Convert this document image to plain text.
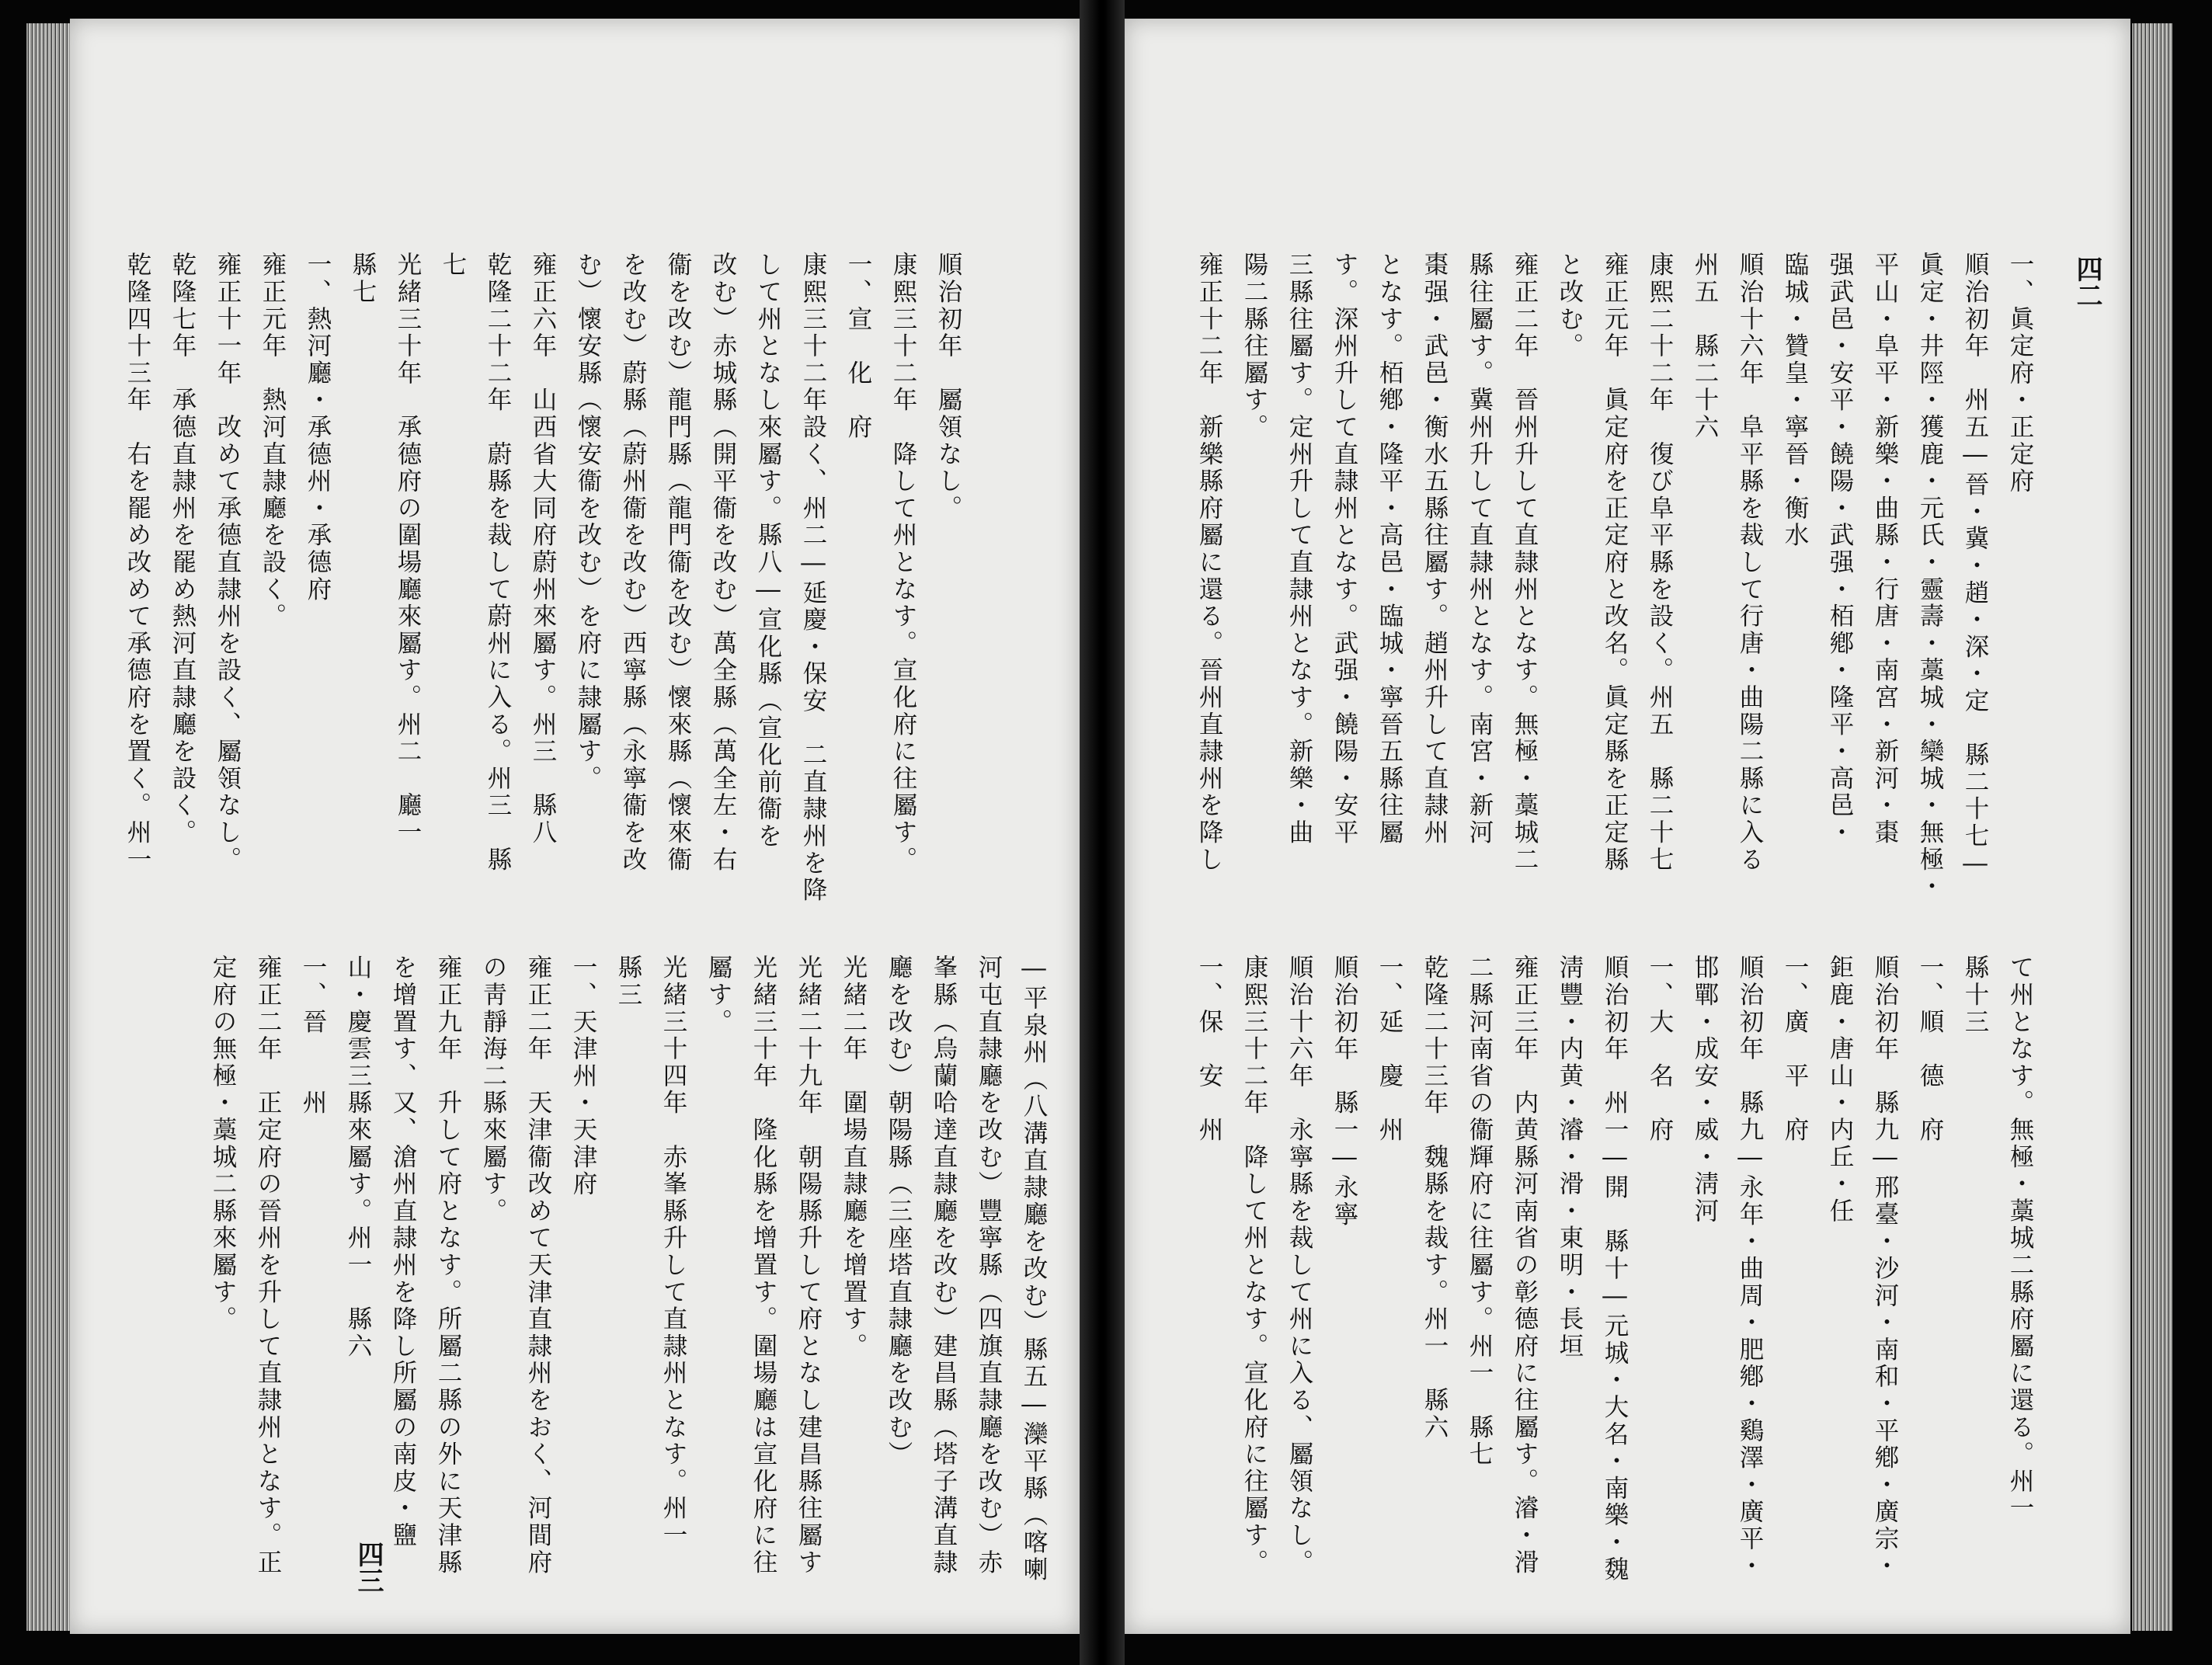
順治初年　屬領なし。
康熙三十二年　降して州となす。宣化府に往屬す。
一、宣　化　府
康熙三十二年設く、州二―延慶・保安　二直隷州を降
して州となし來屬す。縣八―宣化縣（宣化前衞を
改む）赤城縣（開平衞を改む）萬全縣（萬全左・右
衞を改む）龍門縣（龍門衞を改む）懷來縣（懷來衞
を改む）蔚縣（蔚州衞を改む）西寧縣（永寧衞を改
む）懷安縣（懷安衞を改む）を府に隷屬す。
雍正六年　山西省大同府蔚州來屬す。州三　縣八
乾隆二十二年　蔚縣を裁して蔚州に入る。州三　縣
七
光緒三十年　承德府の圍場廳來屬す。州二　廳一
縣七
一、熱河廳・承德州・承德府
雍正元年　熱河直隷廳を設く。
雍正十一年　改めて承德直隷州を設く、屬領なし。
乾隆七年　承德直隷州を罷め熱河直隷廳を設く。
乾隆四十三年　右を罷め改めて承德府を置く。州一
―平泉州（八溝直隷廳を改む）縣五―灤平縣（喀喇
河屯直隷廳を改む）豐寧縣（四旗直隷廳を改む）赤
峯縣（烏蘭哈達直隷廳を改む）建昌縣（塔子溝直隷
廳を改む）朝陽縣（三座塔直隷廳を改む）
光緒二年　圍場直隷廳を增置す。
光緒二十九年　朝陽縣升して府となし建昌縣往屬す
光緒三十年　隆化縣を增置す。圍場廳は宣化府に往
屬す。
光緒三十四年　赤峯縣升して直隷州となす。州一
縣三
一、天津州・天津府
雍正二年　天津衞改めて天津直隷州をおく、河間府
の靑靜海二縣來屬す。
雍正九年　升して府となす。所屬二縣の外に天津縣
を增置す、又、滄州直隷州を降し所屬の南皮・鹽
山・慶雲三縣來屬す。州一　縣六
一、晉　　州
雍正二年　正定府の晉州を升して直隷州となす。正
定府の無極・藁城二縣來屬す。
四三
一、眞定府・正定府
順治初年　州五―晉・冀・趙・深・定　縣二十七―
眞定・井陘・獲鹿・元氏・靈壽・藁城・欒城・無極・
平山・阜平・新樂・曲縣・行唐・南宮・新河・棗
强武邑・安平・饒陽・武强・栢鄕・隆平・高邑・
臨城・贊皇・寧晉・衡水
順治十六年　阜平縣を裁して行唐・曲陽二縣に入る
州五　縣二十六
康熙二十二年　復び阜平縣を設く。州五　縣二十七
雍正元年　眞定府を正定府と改名。眞定縣を正定縣
と改む。
雍正二年　晉州升して直隷州となす。無極・藁城二
縣往屬す。冀州升して直隷州となす。南宮・新河
棗强・武邑・衡水五縣往屬す。趙州升して直隷州
となす。栢鄕・隆平・高邑・臨城・寧晉五縣往屬
す。深州升して直隷州となす。武强・饒陽・安平
三縣往屬す。定州升して直隷州となす。新樂・曲
陽二縣往屬す。
雍正十二年　新樂縣府屬に還る。晉州直隷州を降し
て州となす。無極・藁城二縣府屬に還る。州一
縣十三
一、順　德　府
順治初年　縣九―邢臺・沙河・南和・平鄕・廣宗・
鉅鹿・唐山・内丘・任
一、廣　平　府
順治初年　縣九―永年・曲周・肥鄕・鷄澤・廣平・
邯鄲・成安・威・淸河
一、大　名　府
順治初年　州一―開　縣十―元城・大名・南樂・魏
淸豐・内黄・濬・滑・東明・長垣
雍正三年　内黄縣河南省の彰德府に往屬す。濬・滑
二縣河南省の衞輝府に往屬す。州一　縣七
乾隆二十三年　魏縣を裁す。州一　縣六
一、延　慶　州
順治初年　縣一―永寧
順治十六年　永寧縣を裁して州に入る、屬領なし。
康熙三十二年　降して州となす。宣化府に往屬す。
一、保　安　州
四二
